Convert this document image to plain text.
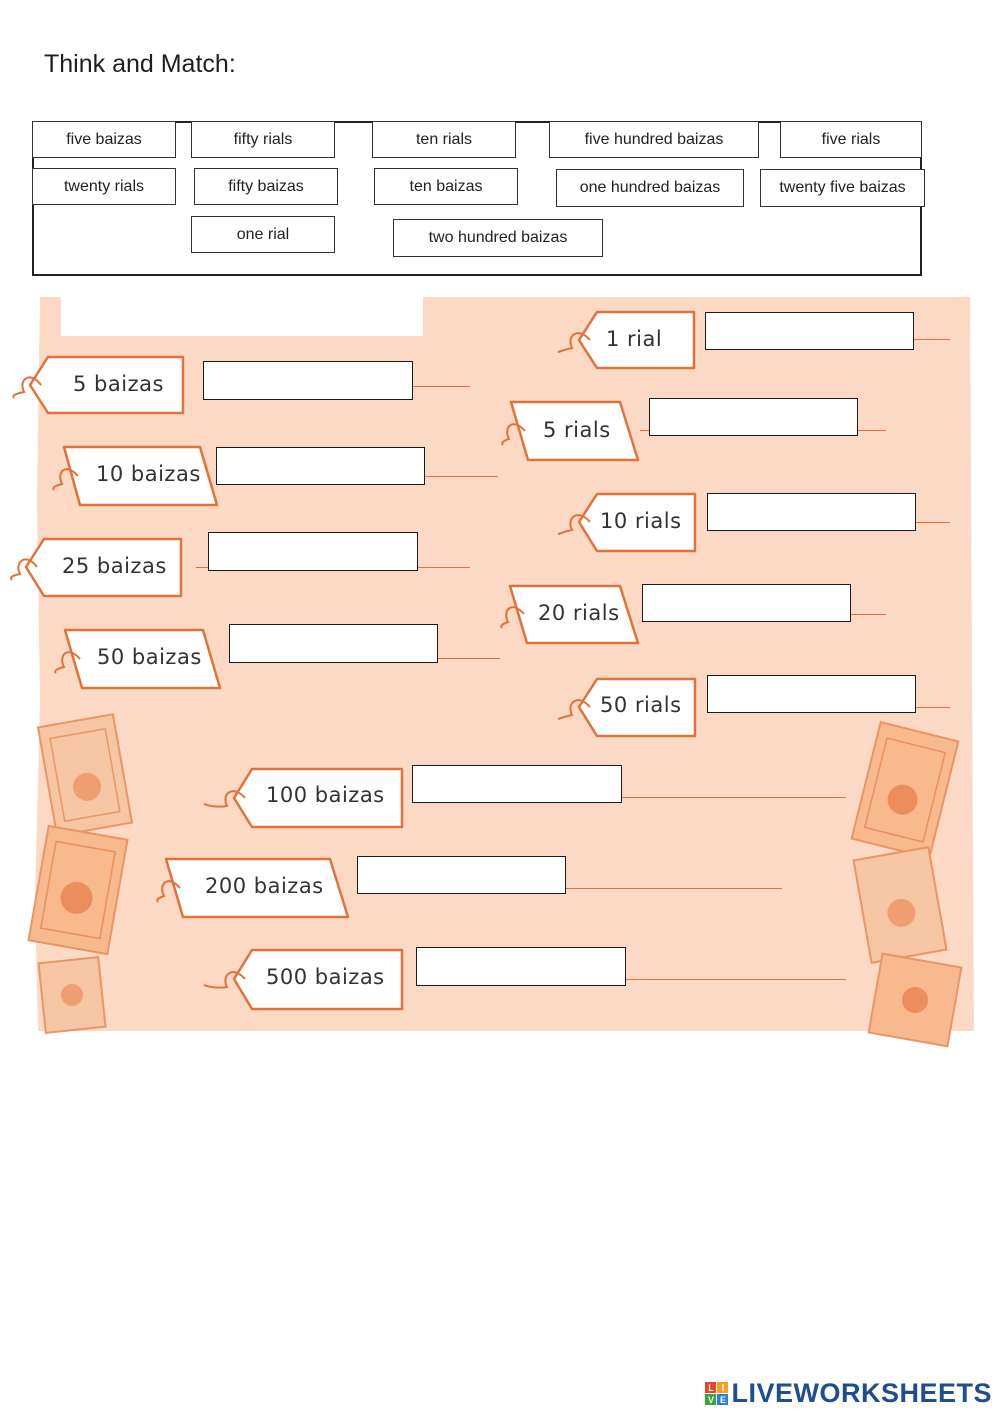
Think and Match:
five baizas	fifty rials	ten rials	five hundred baizas	five rials
twenty rials	fifty baizas	ten baizas	one hundred baizas	twenty five baizas
one rial	two hundred baizas
5 baizas
10 baizas
25 baizas
50 baizas
1 rial
5 rials
10 rials
20 rials
50 rials
100 baizas
200 baizas
500 baizas
L I
V E LIVEWORKSHEETS
